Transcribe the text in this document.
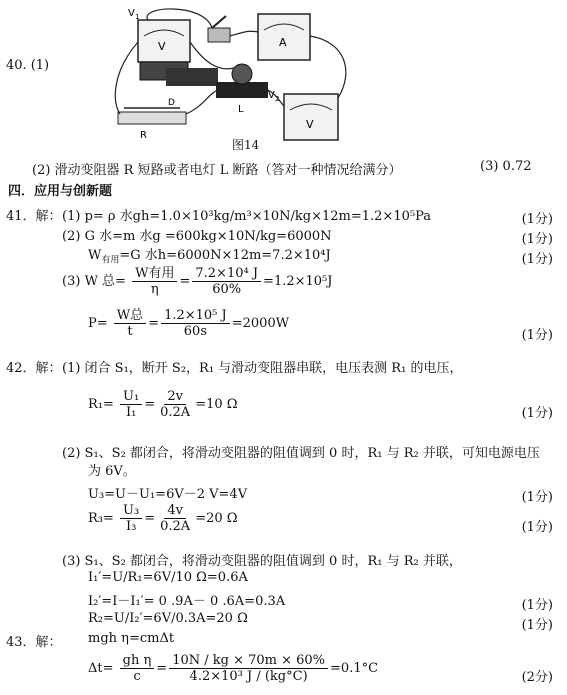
V
V 1
A
L
V
V 2
D
R
40. (1)
图14
(2) 滑动变阻器 R 短路或者电灯 L 断路（答对一种情况给满分）	(3) 0.72
四．应用与创新题
41．解： (1) p= ρ 水gh=1.0×10³kg/m³×10N/kg×12m=1.2×10⁵Pa	(1分)
(2) G 水=m 水g =600kg×10N/kg=6000N	(1分)
$W_{有用}=G$ 水h=6000N×12m=7.2×10⁴J	(1分)
(3) W 总= $\frac{\text{W有用}}{\eta} = \frac{\text{7.2×10⁴ J}}{60\%} =1.2\times 10^5J$
$P= \frac{\text{W总}}{t} = \frac{\text{1.2×10⁵ J}}{60s} =2000W$
(1分)
42．解： (1) 闭合 S₁，断开 S₂，R₁ 与滑动变阻器串联，电压表测 R₁ 的电压，
$R_1= \frac{\text{U₁}}{\text{I₁}} = \frac{2v}{0.2A} =10$ Ω
(1分)
(2) S₁、S₂ 都闭合，将滑动变阻器的阻值调到 0 时，R₁ 与 R₂ 并联，可知电源电压
为 6V。
U₃=U－U₁=6V－2 V=4V	(1分)
$R_3= \frac{\text{U₃}}{\text{I₃}} = \frac{4v}{0.2A} =20$ Ω
(1分)
(3) S₁、S₂ 都闭合，将滑动变阻器的阻值调到 0 时，R₁ 与 R₂ 并联，
I₁′=U/R₁=6V/10 Ω=0.6A
I₂′=I－I₁′= 0 .9A－ 0 .6A=0.3A	(1分)
R₂=U/I₂′=6V/0.3A=20 Ω	(1分)
43．解： mgh η=cmΔt
$\Delta t= \frac{\text{gh η}}{c} = \frac{10N / kg \times 70m \times 60\%}{\text{4.2×10³ J / (kg°C)}} =0.1^\circ C$
(2分)
